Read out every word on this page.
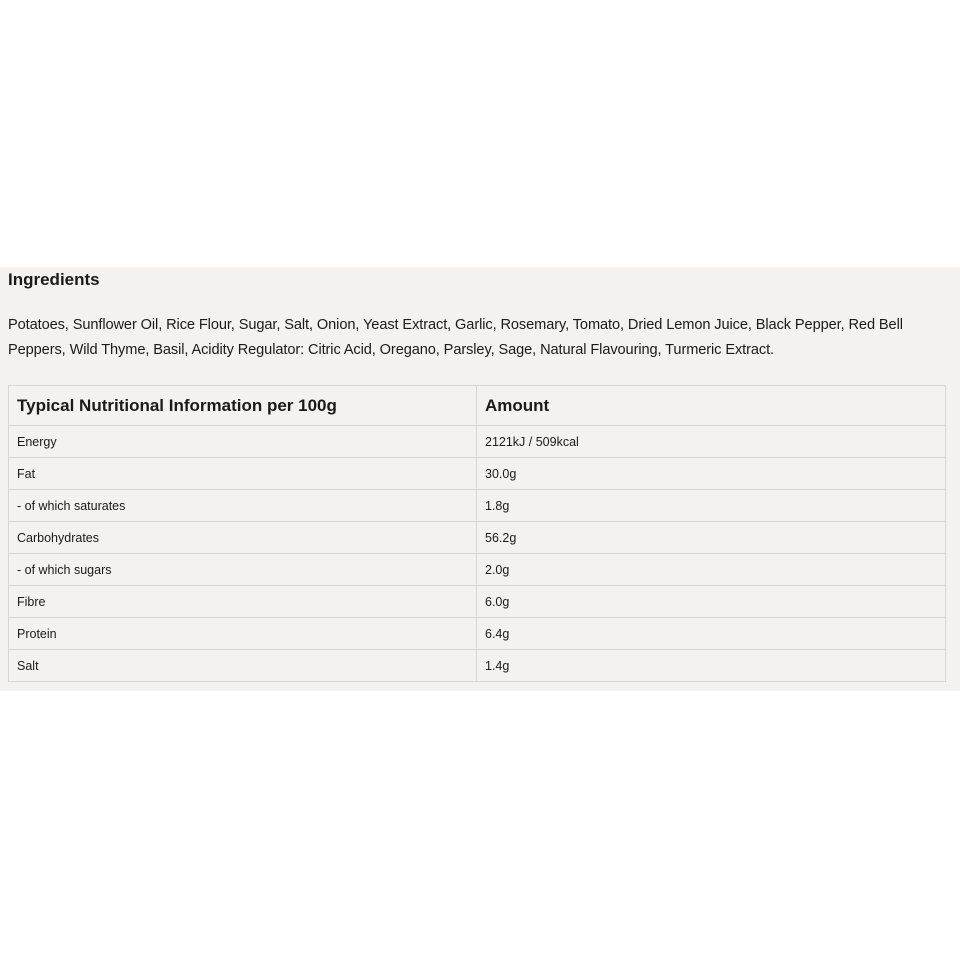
Ingredients

Potatoes, Sunflower Oil, Rice Flour, Sugar, Salt, Onion, Yeast Extract, Garlic, Rosemary, Tomato, Dried Lemon Juice, Black Pepper, Red Bell Peppers, Wild Thyme, Basil, Acidity Regulator: Citric Acid, Oregano, Parsley, Sage, Natural Flavouring, Turmeric Extract.

Typical Nutritional Information per 100g	Amount
Energy	2121kJ / 509kcal
Fat	30.0g
- of which saturates	1.8g
Carbohydrates	56.2g
- of which sugars	2.0g
Fibre	6.0g
Protein	6.4g
Salt	1.4g
